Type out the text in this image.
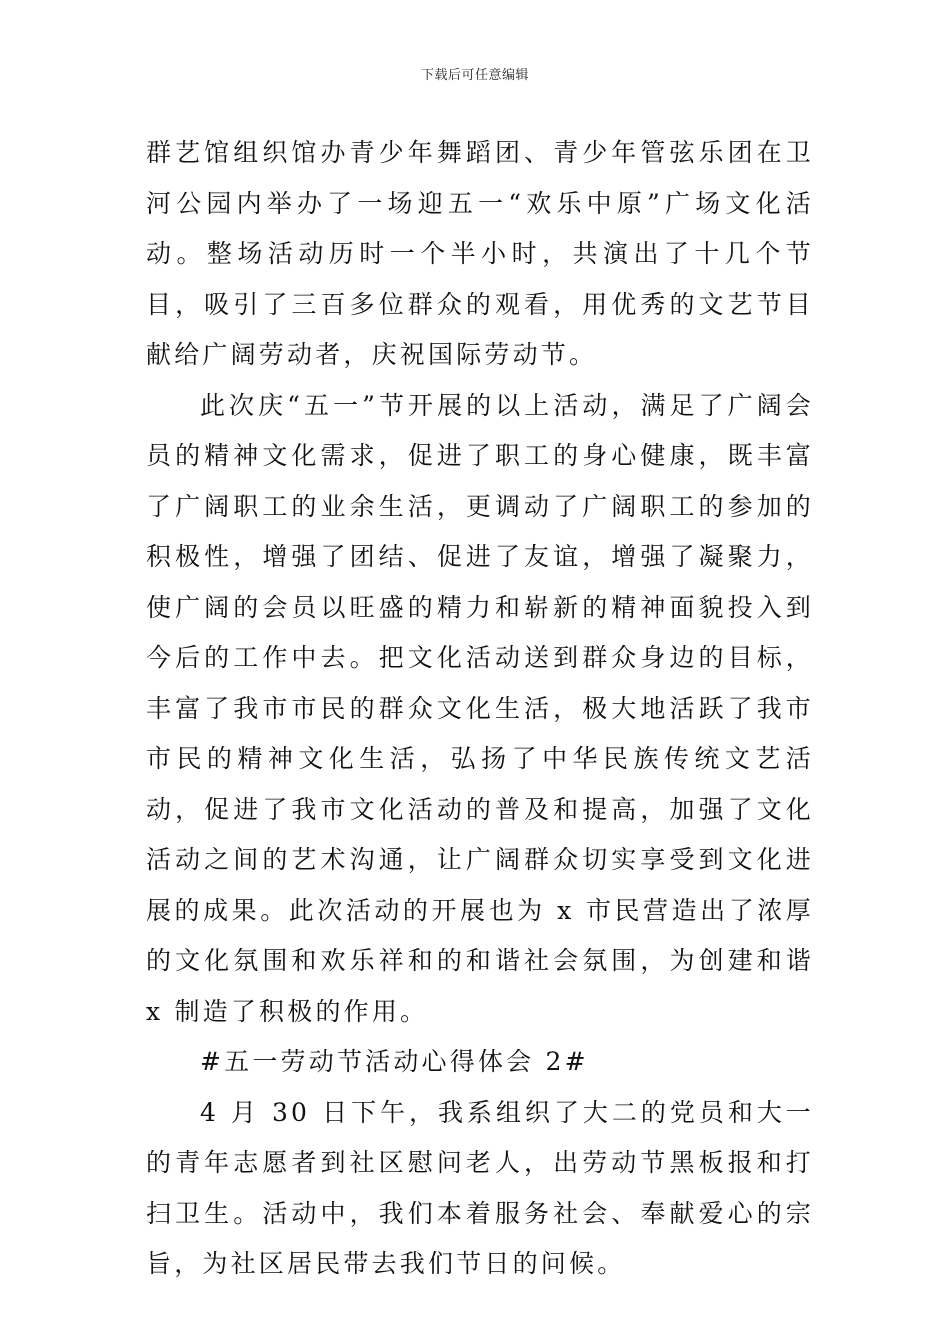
下载后可任意编辑

群艺馆组织馆办青少年舞蹈团、青少年管弦乐团在卫河公园内举办了一场迎五一“欢乐中原”广场文化活动。整场活动历时一个半小时，共演出了十几个节目，吸引了三百多位群众的观看，用优秀的文艺节目献给广阔劳动者，庆祝国际劳动节。

此次庆“五一”节开展的以上活动，满足了广阔会员的精神文化需求，促进了职工的身心健康，既丰富了广阔职工的业余生活，更调动了广阔职工的参加的积极性，增强了团结、促进了友谊，增强了凝聚力，使广阔的会员以旺盛的精力和崭新的精神面貌投入到今后的工作中去。把文化活动送到群众身边的目标，丰富了我市市民的群众文化生活，极大地活跃了我市市民的精神文化生活，弘扬了中华民族传统文艺活动，促进了我市文化活动的普及和提高，加强了文化活动之间的艺术沟通，让广阔群众切实享受到文化进展的成果。此次活动的开展也为 x 市民营造出了浓厚的文化氛围和欢乐祥和的和谐社会氛围，为创建和谐 x 制造了积极的作用。

#五一劳动节活动心得体会 2#

4 月 30 日下午，我系组织了大二的党员和大一的青年志愿者到社区慰问老人，出劳动节黑板报和打扫卫生。活动中，我们本着服务社会、奉献爱心的宗旨，为社区居民带去我们节日的问候。
